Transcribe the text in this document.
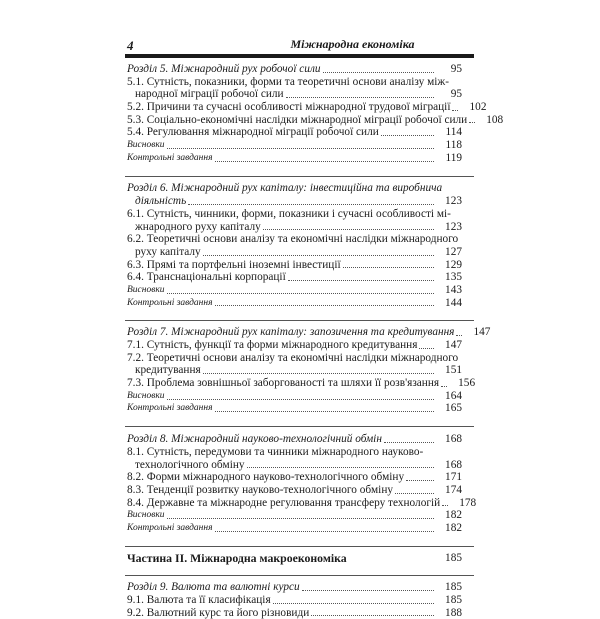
4	Міжнародна економіка
Розділ 5. Міжнародний рух робочої сили	95
5.1. Сутність, показники, форми та теоретичні основи аналізу між-
народної міграції робочої сили	95
5.2. Причини та сучасні особливості міжнародної трудової міграції	102
5.3. Соціально-економічні наслідки міжнародної міграції робочої сили	108
5.4. Регулювання міжнародної міграції робочої сили	114
Висновки	118
Контрольні завдання	119
Розділ 6. Міжнародний рух капіталу: інвестиційна та виробнича
діяльність	123
6.1. Сутність, чинники, форми, показники і сучасні особливості мі-
жнародного руху капіталу	123
6.2. Теоретичні основи аналізу та економічні наслідки міжнародного
руху капіталу	127
6.3. Прямі та портфельні іноземні інвестиції	129
6.4. Транснаціональні корпорації	135
Висновки	143
Контрольні завдання	144
Розділ 7. Міжнародний рух капіталу: запозичення та кредитування	147
7.1. Сутність, функції та форми міжнародного кредитування	147
7.2. Теоретичні основи аналізу та економічні наслідки міжнародного
кредитування	151
7.3. Проблема зовнішньої заборгованості та шляхи її розв'язання	156
Висновки	164
Контрольні завдання	165
Розділ 8. Міжнародний науково-технологічний обмін	168
8.1. Сутність, передумови та чинники міжнародного науково-
технологічного обміну	168
8.2. Форми міжнародного науково-технологічного обміну	171
8.3. Тенденції розвитку науково-технологічного обміну	174
8.4. Державне та міжнародне регулювання трансферу технологій	178
Висновки	182
Контрольні завдання	182
Частина II. Міжнародна макроекономіка	185
Розділ 9. Валюта та валютні курси	185
9.1. Валюта та її класифікація	185
9.2. Валютний курс та його різновиди	188
